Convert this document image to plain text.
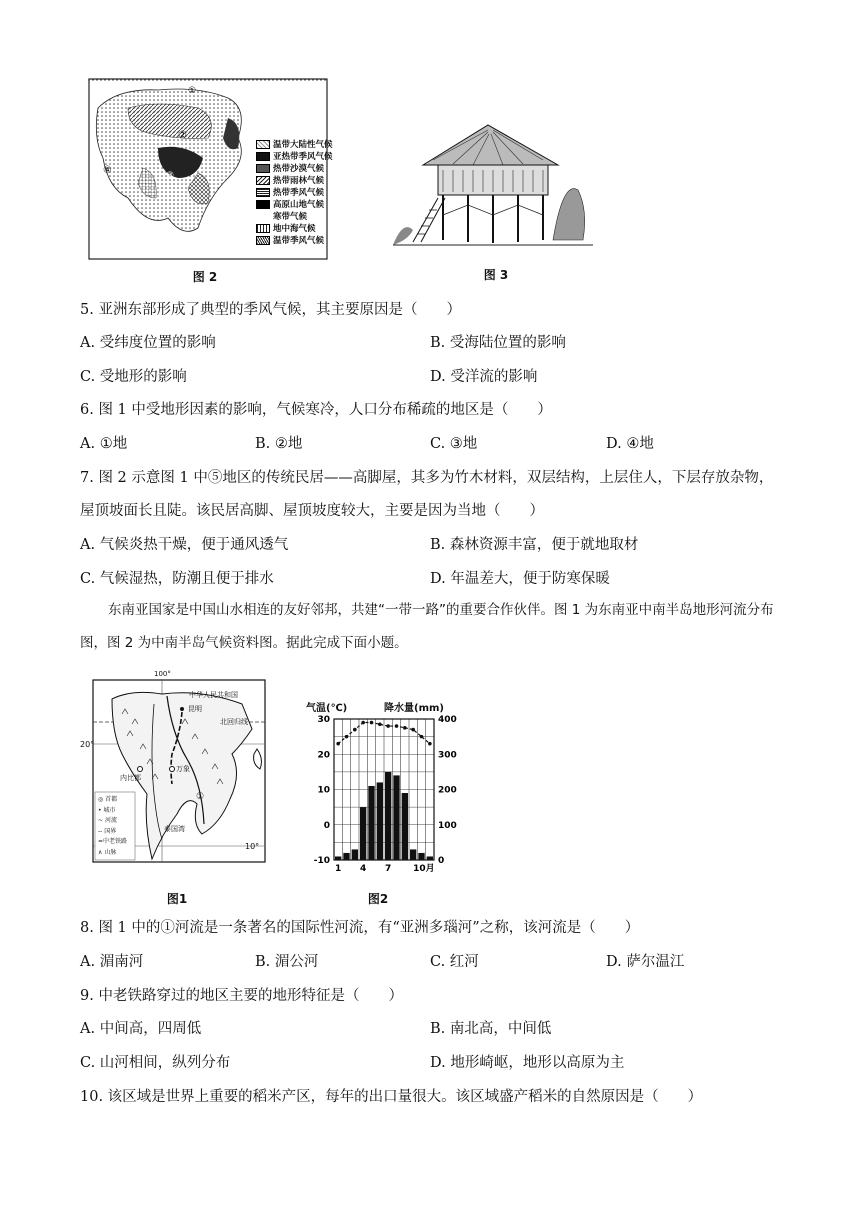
②
④	③
①
温带大陆性气候
亚热带季风气候
热带沙漠气候
热带雨林气候
热带季风气候
高原山地气候
寒带气候
地中海气候
温带季风气候
图 2	图 3
5. 亚洲东部形成了典型的季风气候，其主要原因是（　　）
A. 受纬度位置的影响	B. 受海陆位置的影响
C. 受地形的影响	D. 受洋流的影响
6. 图 1 中受地形因素的影响，气候寒冷，人口分布稀疏的地区是（　　）
A. ①地	B. ②地	C. ③地	D. ④地
7. 图 2 示意图 1 中⑤地区的传统民居——高脚屋，其多为竹木材料，双层结构，上层住人，下层存放杂物，
屋顶坡面长且陡。该民居高脚、屋顶坡度较大，主要是因为当地（　　）
A. 气候炎热干燥，便于通风透气	B. 森林资源丰富，便于就地取材
C. 气候湿热，防潮且便于排水	D. 年温差大，便于防寒保暖
东南亚国家是中国山水相连的友好邻邦，共建“一带一路”的重要合作伙伴。图 1 为东南亚中南半岛地形河流分布图，图 2 为中南半岛气候资料图。据此完成下面小题。
中华人民共和国
昆明
北回归线
100°
20°
10°
万象
内比都
泰国湾
①
◎ 首都
• 城市
~ 河流
-- 国界
=中老铁路
∧ 山脉
图1
气温(℃)	降水量(mm)
30
20
10
0
-10
400
300
200
100
0
1 4 7 10月
图2
8. 图 1 中的①河流是一条著名的国际性河流，有“亚洲多瑙河”之称，该河流是（　　）
A. 湄南河	B. 湄公河	C. 红河	D. 萨尔温江
9. 中老铁路穿过的地区主要的地形特征是（　　）
A. 中间高，四周低	B. 南北高，中间低
C. 山河相间，纵列分布	D. 地形崎岖，地形以高原为主
10. 该区域是世界上重要的稻米产区，每年的出口量很大。该区域盛产稻米的自然原因是（　　）
